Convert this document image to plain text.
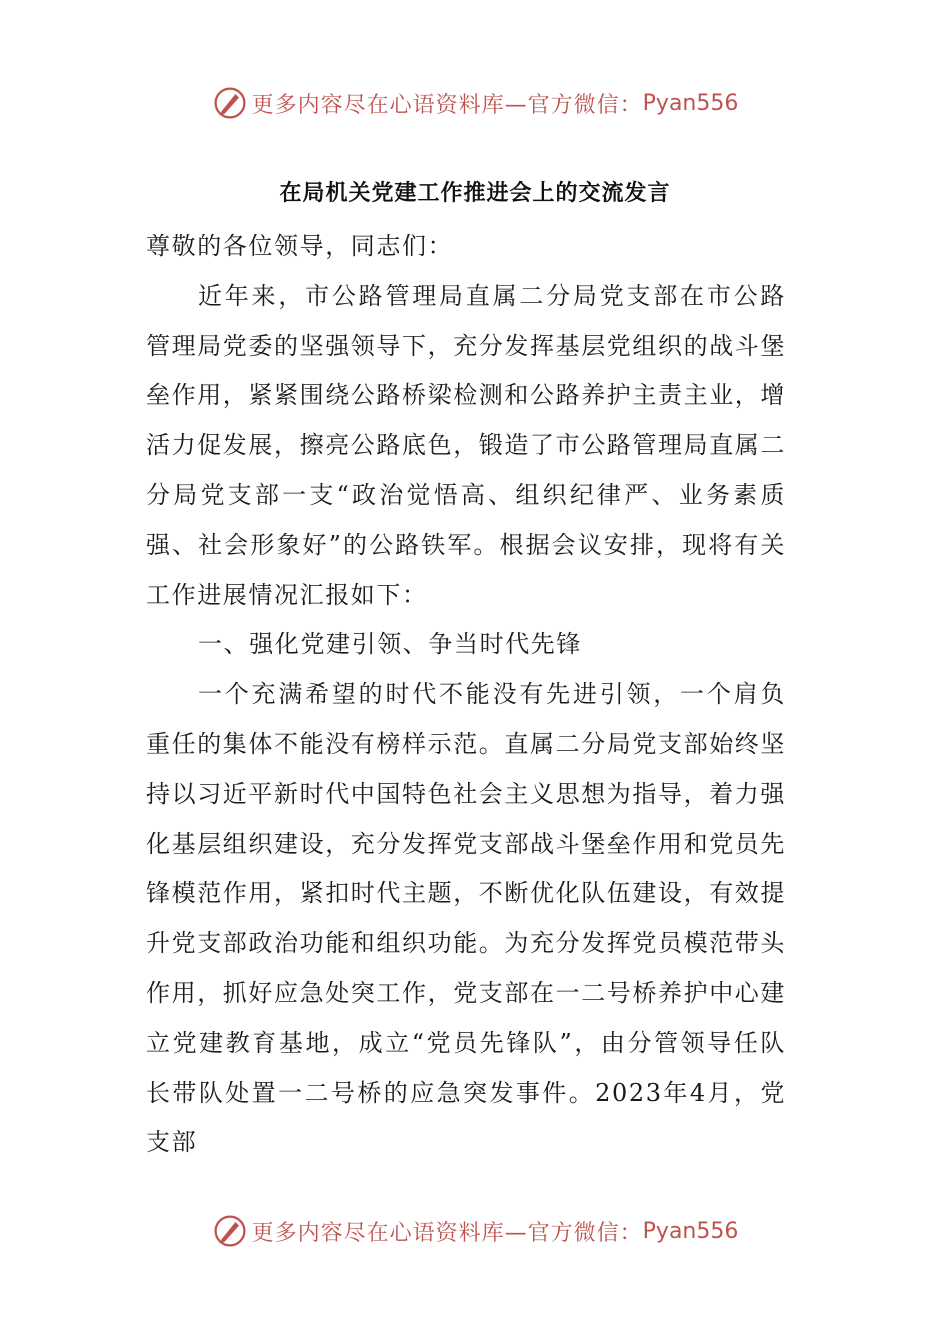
更多内容尽在心语资料库—官方微信： Pyan556
在局机关党建工作推进会上的交流发言

尊敬的各位领导，同志们：

近年来，市公路管理局直属二分局党支部在市公路管理局党委的坚强领导下，充分发挥基层党组织的战斗堡垒作用，紧紧围绕公路桥梁检测和公路养护主责主业，增活力促发展，擦亮公路底色，锻造了市公路管理局直属二分局党支部一支“政治觉悟高、组织纪律严、业务素质强、社会形象好”的公路铁军。根据会议安排，现将有关工作进展情况汇报如下：

一、强化党建引领、争当时代先锋

一个充满希望的时代不能没有先进引领，一个肩负重任的集体不能没有榜样示范。直属二分局党支部始终坚持以习近平新时代中国特色社会主义思想为指导，着力强化基层组织建设，充分发挥党支部战斗堡垒作用和党员先锋模范作用，紧扣时代主题，不断优化队伍建设，有效提升党支部政治功能和组织功能。为充分发挥党员模范带头作用，抓好应急处突工作，党支部在一二号桥养护中心建立党建教育基地，成立“党员先锋队”，由分管领导任队长带队处置一二号桥的应急突发事件。2023年4月，党支部

更多内容尽在心语资料库—官方微信： Pyan556
